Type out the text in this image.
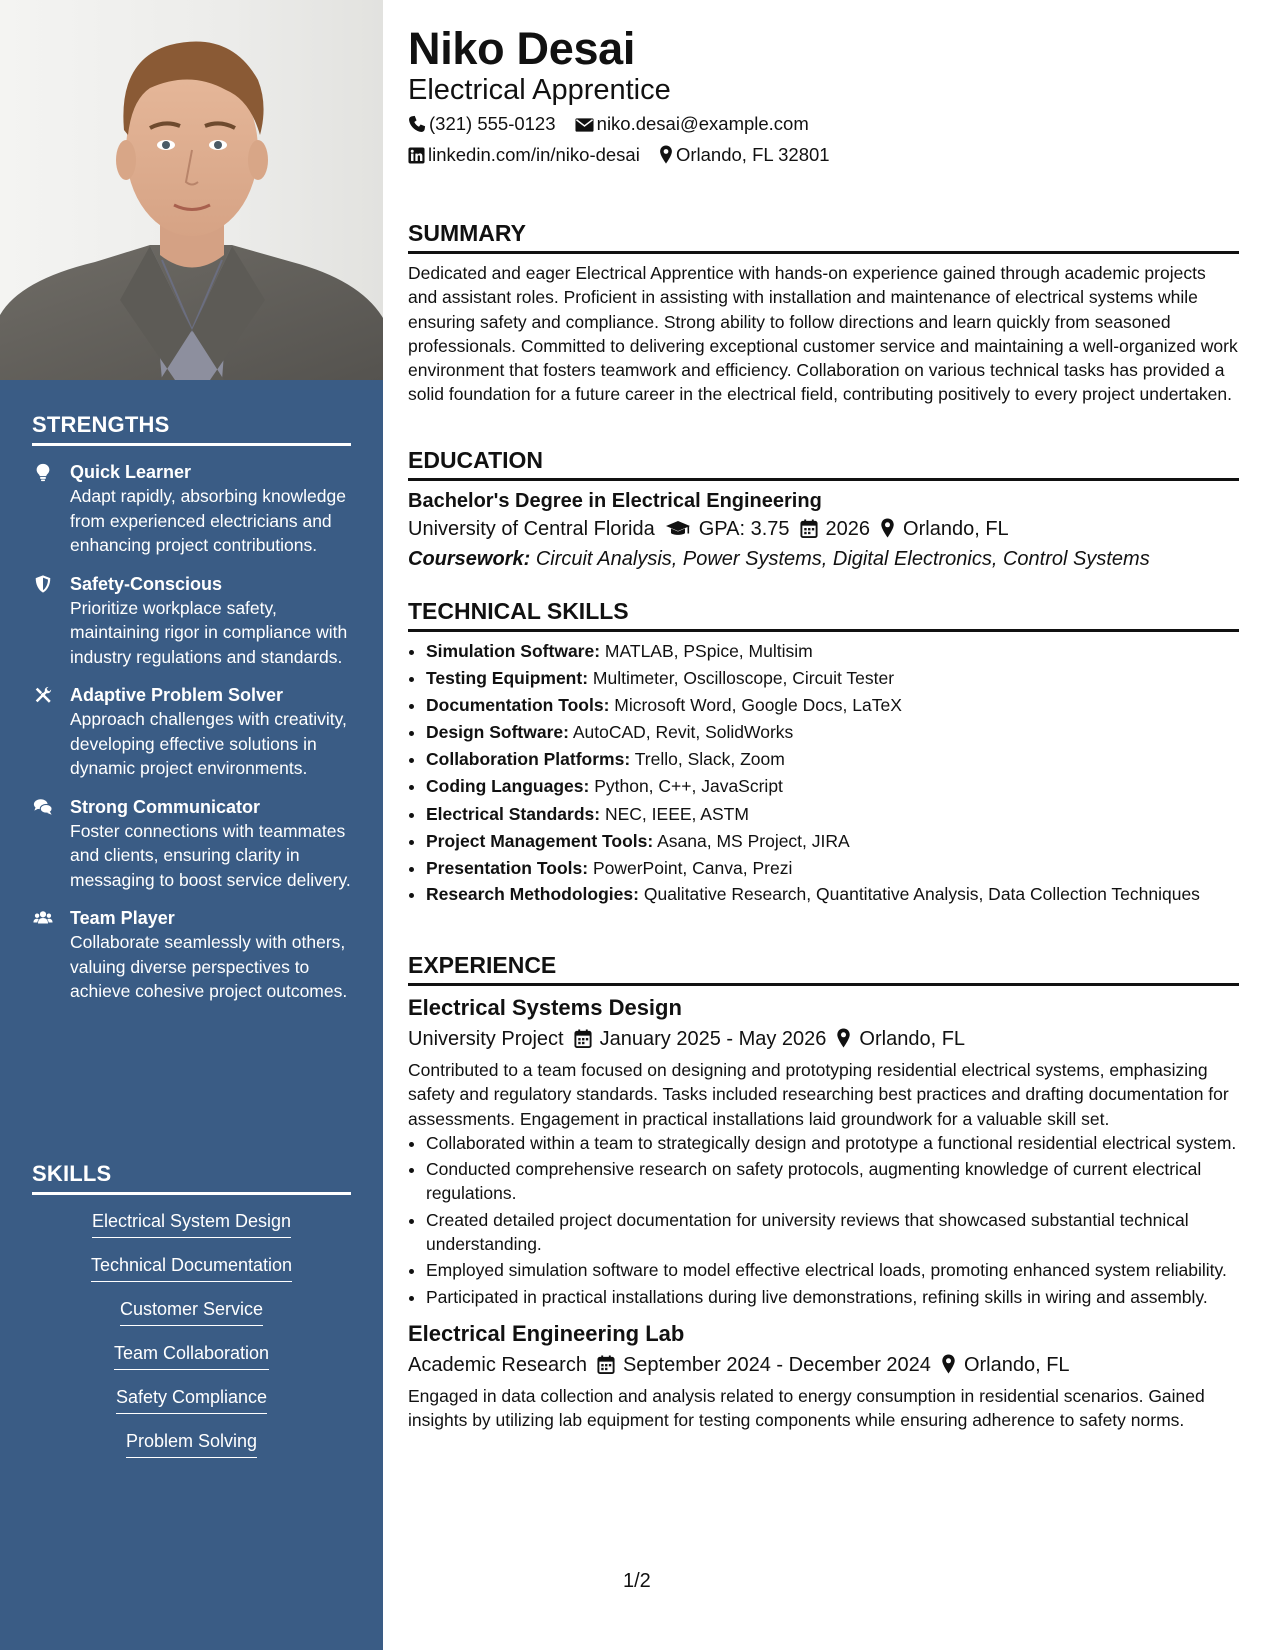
STRENGTHS
Quick Learner
Adapt rapidly, absorbing knowledge from experienced electricians and enhancing project contributions.
Safety-Conscious
Prioritize workplace safety, maintaining rigor in compliance with industry regulations and standards.
Adaptive Problem Solver
Approach challenges with creativity, developing effective solutions in dynamic project environments.
Strong Communicator
Foster connections with teammates and clients, ensuring clarity in messaging to boost service delivery.
Team Player
Collaborate seamlessly with others, valuing diverse perspectives to achieve cohesive project outcomes.
SKILLS
Electrical System Design
Technical Documentation
Customer Service
Team Collaboration
Safety Compliance
Problem Solving
Niko Desai
Electrical Apprentice
(321) 555-0123 niko.desai@example.com
linkedin.com/in/niko-desai Orlando, FL 32801
SUMMARY

Dedicated and eager Electrical Apprentice with hands-on experience gained through academic projects and assistant roles. Proficient in assisting with installation and maintenance of electrical systems while ensuring safety and compliance. Strong ability to follow directions and learn quickly from seasoned professionals. Committed to delivering exceptional customer service and maintaining a well-organized work environment that fosters teamwork and efficiency. Collaboration on various technical tasks has provided a solid foundation for a future career in the electrical field, contributing positively to every project undertaken.

EDUCATION
Bachelor's Degree in Electrical Engineering
University of Central Florida GPA: 3.75 2026 Orlando, FL
Coursework: Circuit Analysis, Power Systems, Digital Electronics, Control Systems
TECHNICAL SKILLS
• Simulation Software: MATLAB, PSpice, Multisim
• Testing Equipment: Multimeter, Oscilloscope, Circuit Tester
• Documentation Tools: Microsoft Word, Google Docs, LaTeX
• Design Software: AutoCAD, Revit, SolidWorks
• Collaboration Platforms: Trello, Slack, Zoom
• Coding Languages: Python, C++, JavaScript
• Electrical Standards: NEC, IEEE, ASTM
• Project Management Tools: Asana, MS Project, JIRA
• Presentation Tools: PowerPoint, Canva, Prezi
• Research Methodologies: Qualitative Research, Quantitative Analysis, Data Collection Techniques
EXPERIENCE
Electrical Systems Design
University Project January 2025 - May 2026 Orlando, FL

Contributed to a team focused on designing and prototyping residential electrical systems, emphasizing safety and regulatory standards. Tasks included researching best practices and drafting documentation for assessments. Engagement in practical installations laid groundwork for a valuable skill set.

• Collaborated within a team to strategically design and prototype a functional residential electrical system.
• Conducted comprehensive research on safety protocols, augmenting knowledge of current electrical regulations.
• Created detailed project documentation for university reviews that showcased substantial technical understanding.
• Employed simulation software to model effective electrical loads, promoting enhanced system reliability.
• Participated in practical installations during live demonstrations, refining skills in wiring and assembly.
Electrical Engineering Lab
Academic Research September 2024 - December 2024 Orlando, FL

Engaged in data collection and analysis related to energy consumption in residential scenarios. Gained insights by utilizing lab equipment for testing components while ensuring adherence to safety norms.

1/2
